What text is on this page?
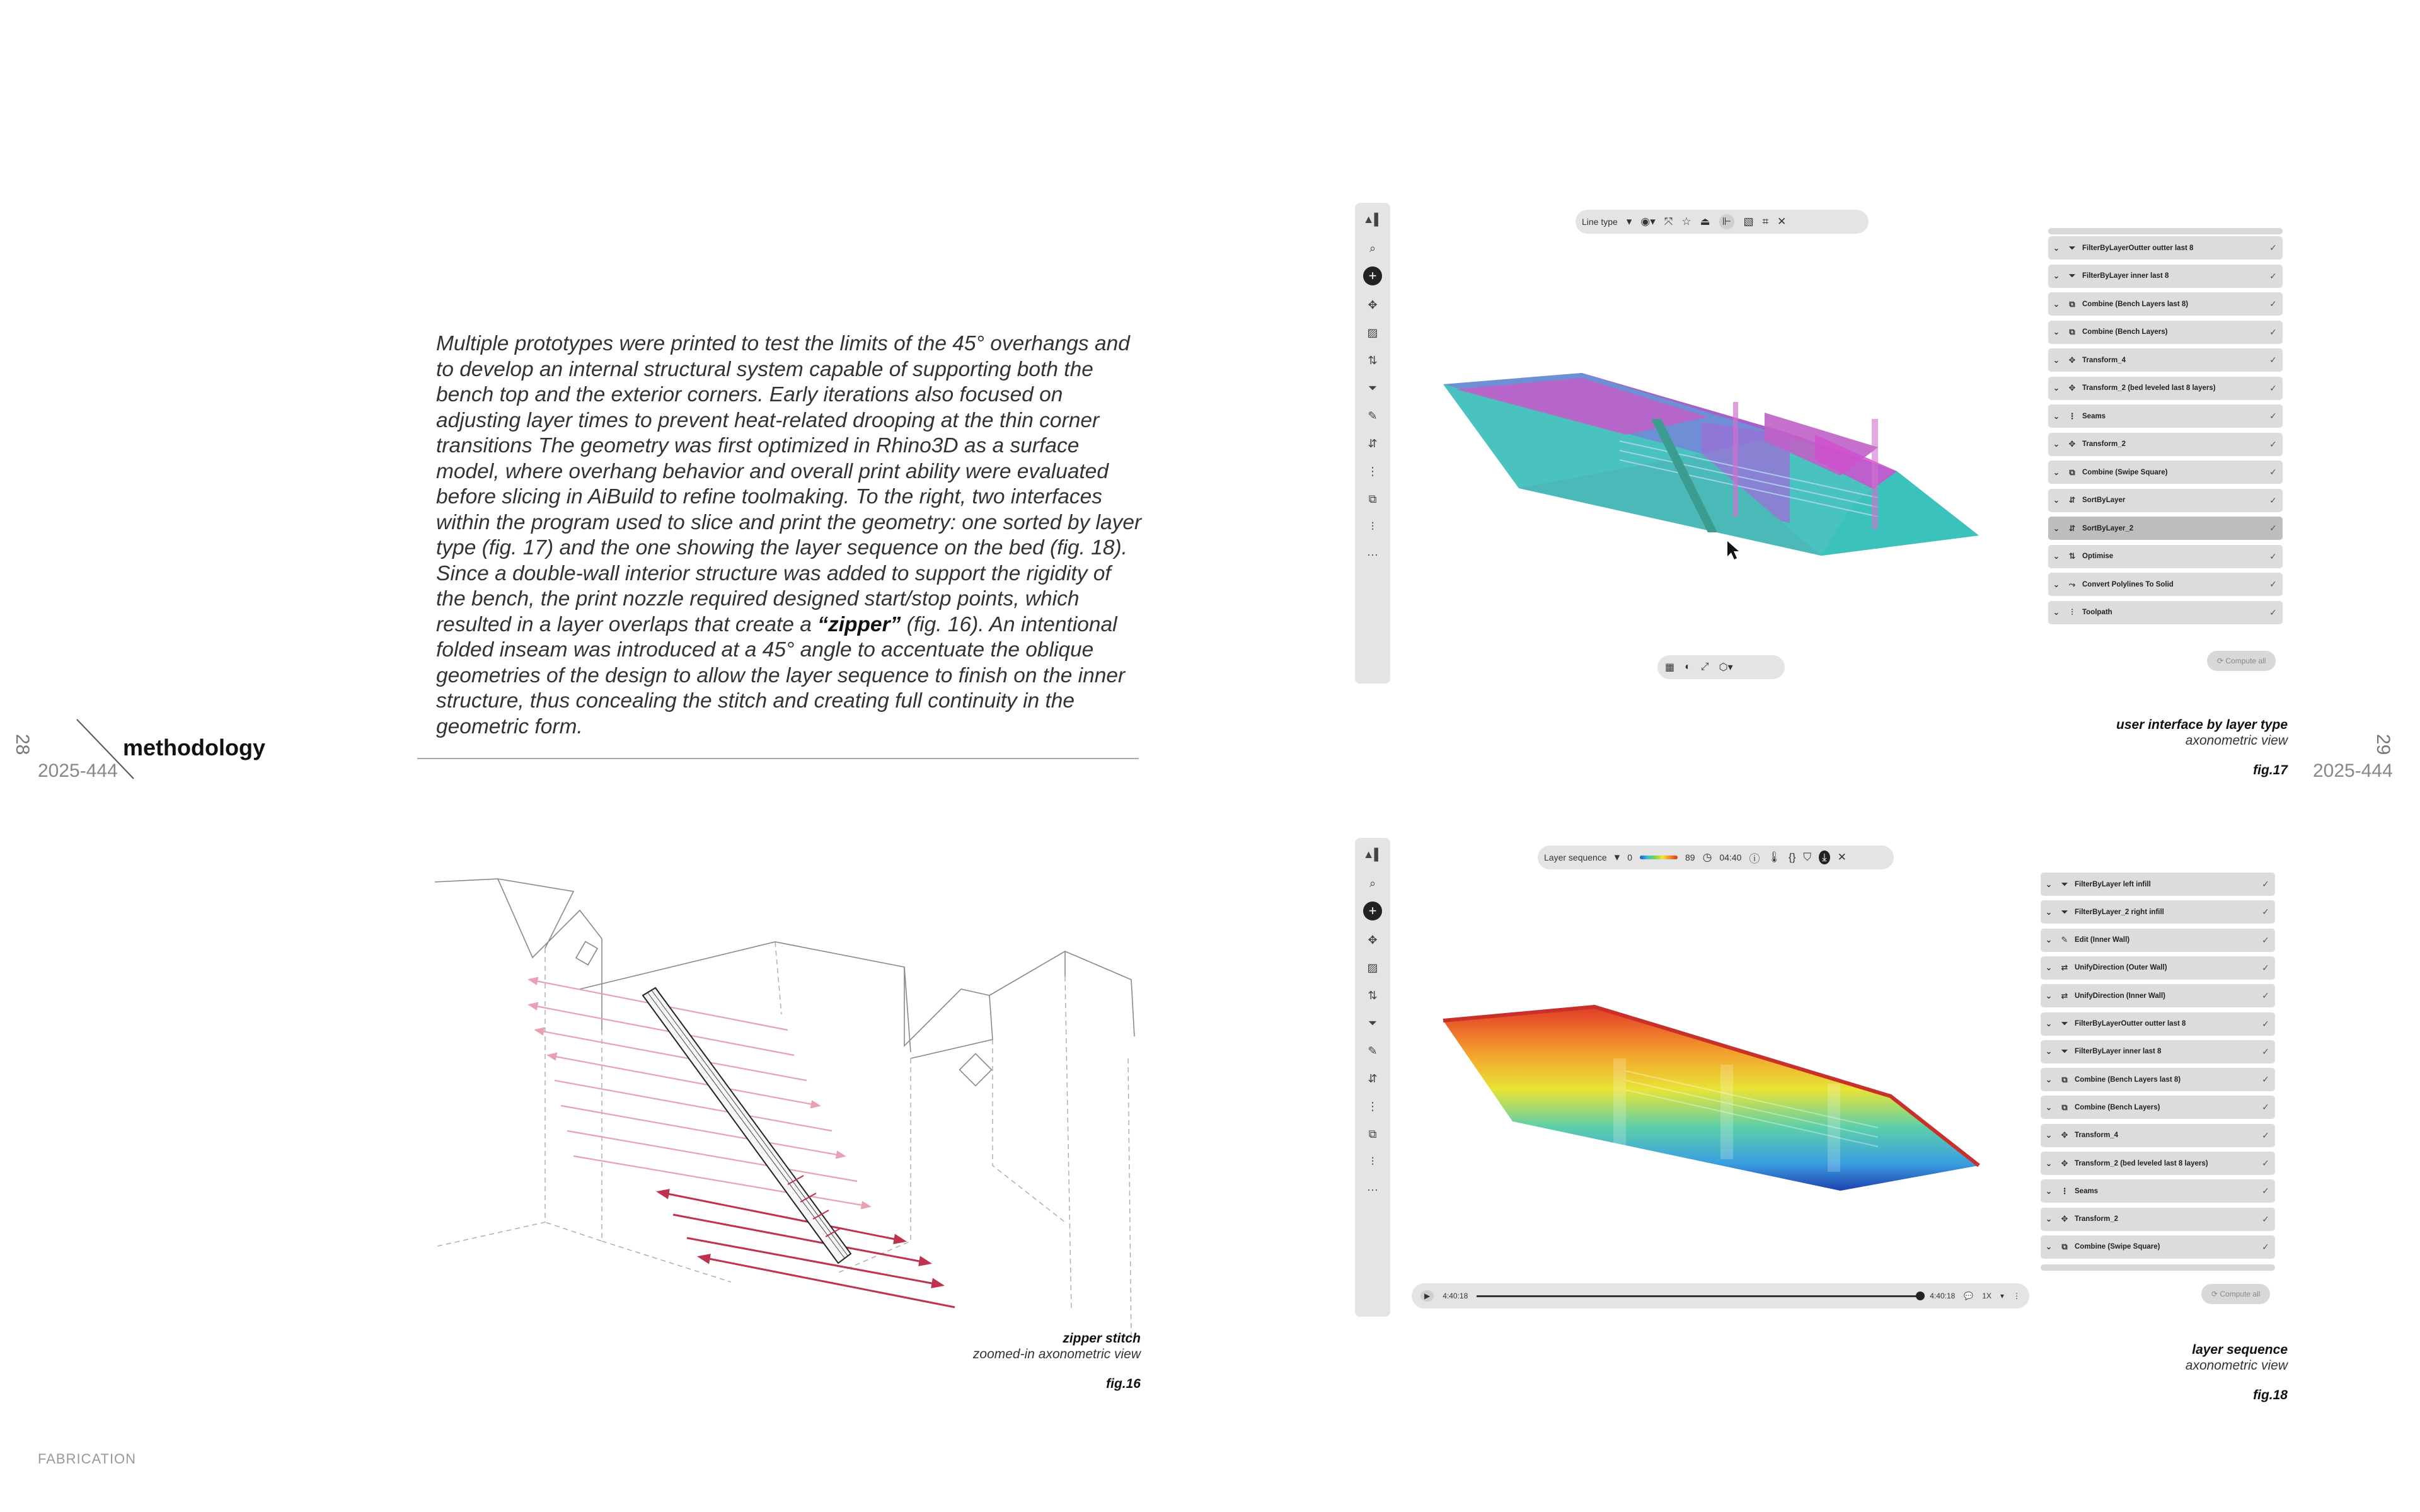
28
2025-444
methodology
Multiple prototypes were printed to test the limits of the 45° overhangs and to develop an internal structural system capable of supporting both the bench top and the exterior corners. Early iterations also focused on adjusting layer times to prevent heat-related drooping at the thin corner transitions The geometry was first optimized in Rhino3D as a surface model, where overhang behavior and overall print ability were evaluated before slicing in AiBuild to refine toolmaking. To the right, two interfaces within the program used to slice and print the geometry: one sorted by layer type (fig. 17) and the one showing the layer sequence on the bed (fig. 18). Since a double-wall interior structure was added to support the rigidity of the bench, the print nozzle required designed start/stop points, which resulted in a layer overlaps that create a “zipper” (fig. 16). An intentional folded inseam was introduced at a 45° angle to accentuate the oblique geometries of the design to allow the layer sequence to finish on the inner structure, thus concealing the stitch and creating full continuity in the geometric form.
zipper stitch
zoomed-in axonometric view
fig.16
FABRICATION
29
2025-444
▲▌
⌕
+
✥
▨
⇅
⏷
✎
⇵
⋮
⧉
⫶
···
Line type ▾ ◉▾ ⤧ ☆ ⏏ ⊩ ▧ ⌗ ✕
▦ ◐ ⤢ ⬡▾
⌄	⏷ FilterByLayerOutter outter last 8	✓
⌄	⏷ FilterByLayer inner last 8	✓
⌄	⧉ Combine (Bench Layers last 8)	✓
⌄	⧉ Combine (Bench Layers)	✓
⌄	✥ Transform_4	✓
⌄	✥ Transform_2 (bed leveled last 8 layers)	✓
⌄	⋮ Seams	✓
⌄	✥ Transform_2	✓
⌄	⧉ Combine (Swipe Square)	✓
⌄	⇵ SortByLayer	✓
⌄	⇵ SortByLayer_2	✓
⌄	⇅ Optimise	✓
⌄	⤳ Convert Polylines To Solid	✓
⌄	⫶	Toolpath	✓
⟳ Compute all
user interface by layer type
axonometric view
fig.17
▲▌
⌕
+
✥
▨
⇅
⏷
✎
⇵
⋮
⧉
⫶
···
Layer sequence ▾ 0	89 ◷ 04:40 ⓘ 🌡 {} ⛉ ⤓ ✕
▶	4:40:18	4:40:18 💬 1X ▾ ⋮
⌄	⏷ FilterByLayer left infill	✓
⌄	⏷ FilterByLayer_2 right infill	✓
⌄	✎ Edit (Inner Wall)	✓
⌄	⇄ UnifyDirection (Outer Wall)	✓
⌄	⇄ UnifyDirection (Inner Wall)	✓
⌄	⏷ FilterByLayerOutter outter last 8	✓
⌄	⏷ FilterByLayer inner last 8	✓
⌄	⧉ Combine (Bench Layers last 8)	✓
⌄	⧉ Combine (Bench Layers)	✓
⌄	✥ Transform_4	✓
⌄	✥ Transform_2 (bed leveled last 8 layers)	✓
⌄	⋮ Seams	✓
⌄	✥ Transform_2	✓
⌄	⧉ Combine (Swipe Square)	✓
⟳ Compute all
layer sequence
axonometric view
fig.18
